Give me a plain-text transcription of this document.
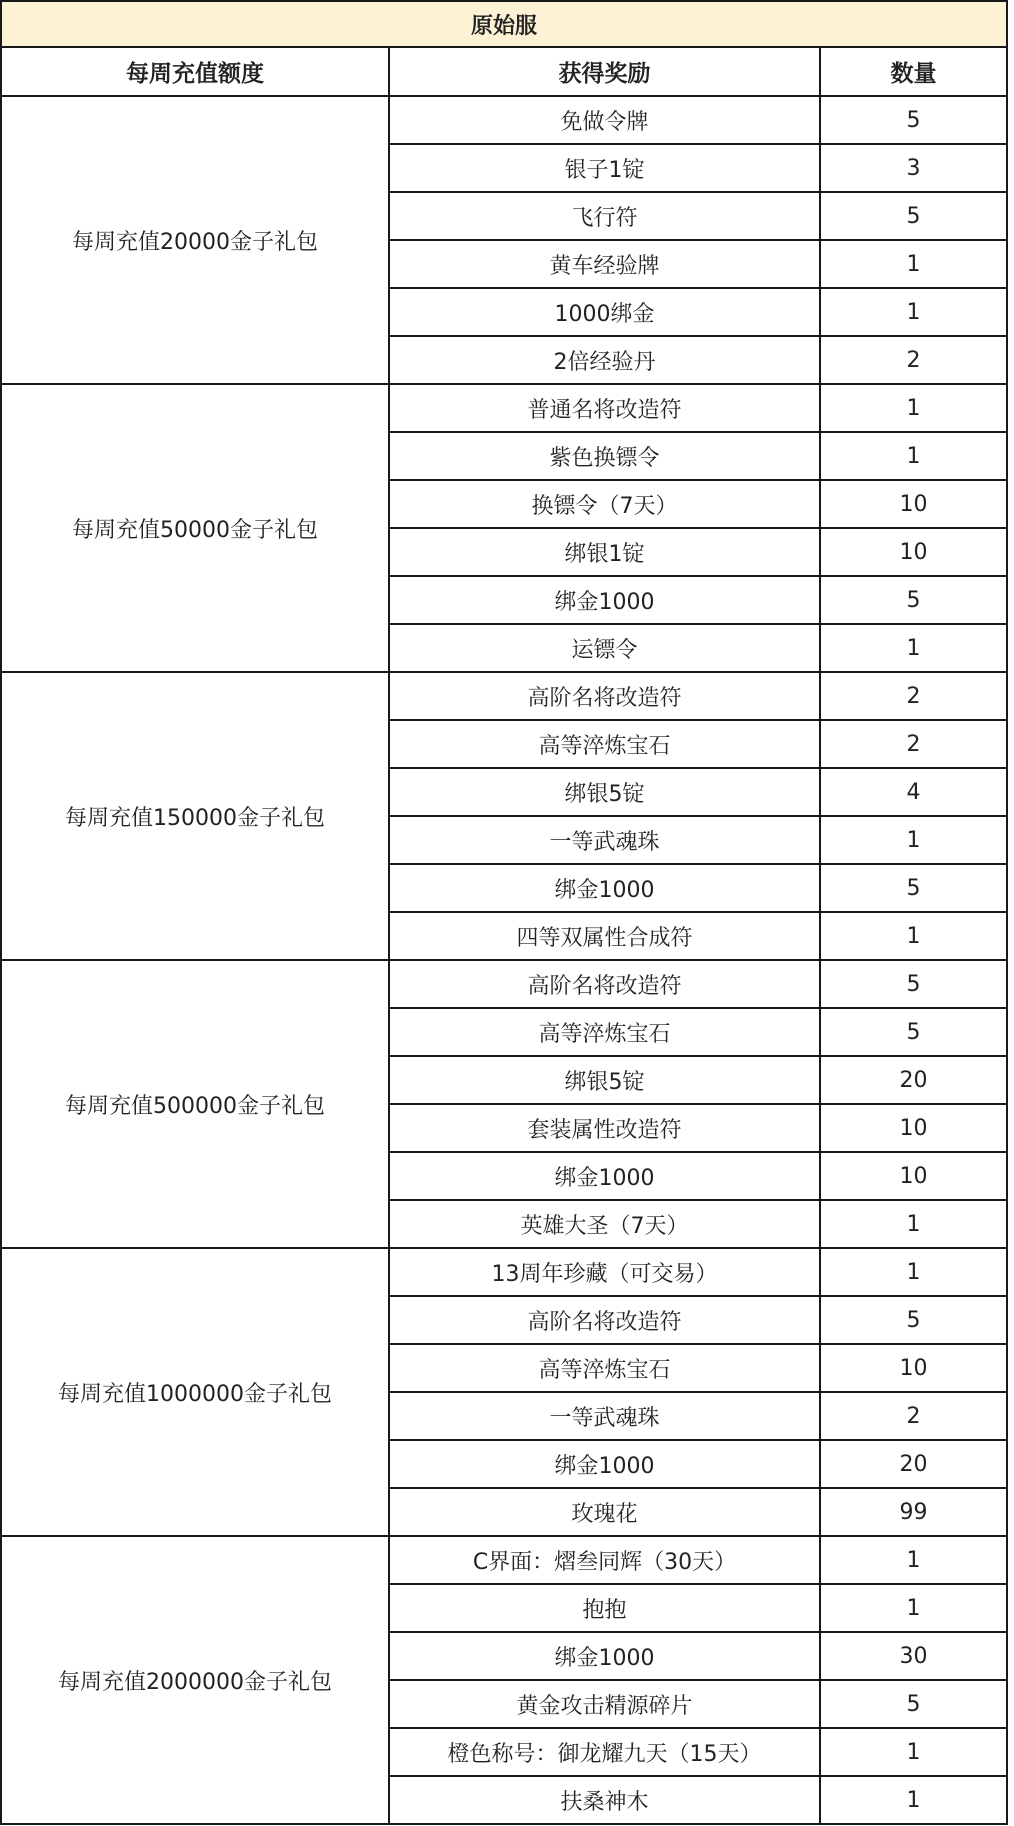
原始服		
每周充值额度	获得奖励	数量
每周充值20000金子礼包	免做令牌	5
	银子1锭	3
	飞行符	5
	黄车经验牌	1
	1000绑金	1
	2倍经验丹	2
每周充值50000金子礼包	普通名将改造符	1
	紫色换镖令	1
	换镖令（7天）	10
	绑银1锭	10
	绑金1000	5
	运镖令	1
每周充值150000金子礼包	高阶名将改造符	2
	高等淬炼宝石	2
	绑银5锭	4
	一等武魂珠	1
	绑金1000	5
	四等双属性合成符	1
每周充值500000金子礼包	高阶名将改造符	5
	高等淬炼宝石	5
	绑银5锭	20
	套装属性改造符	10
	绑金1000	10
	英雄大圣（7天）	1
每周充值1000000金子礼包	13周年珍藏（可交易）	1
	高阶名将改造符	5
	高等淬炼宝石	10
	一等武魂珠	2
	绑金1000	20
	玫瑰花	99
每周充值2000000金子礼包	C界面：熠叁同辉（30天）	1
	抱抱	1
	绑金1000	30
	黄金攻击精源碎片	5
	橙色称号：御龙耀九天（15天）	1
	扶桑神木	1
